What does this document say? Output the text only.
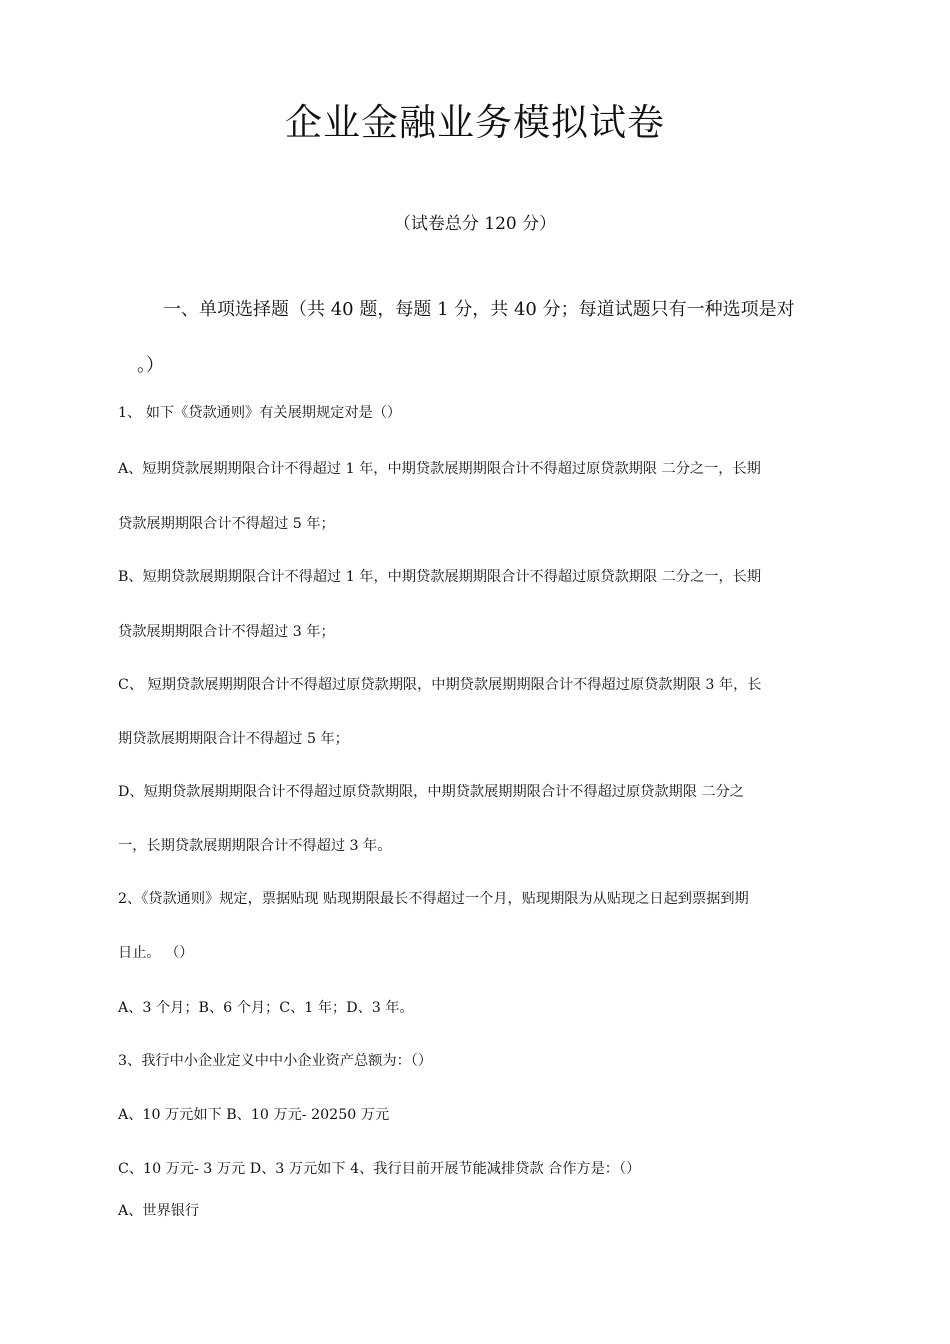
企业金融业务模拟试卷
（试卷总分 120 分）
一、单项选择题（共 40 题，每题 1 分，共 40 分；每道试题只有一种选项是对
。）
1、 如下《贷款通则》有关展期规定对是（）
A、短期贷款展期期限合计不得超过 1 年，中期贷款展期期限合计不得超过原贷款期限 二分之一，长期
贷款展期期限合计不得超过 5 年；
B、短期贷款展期期限合计不得超过 1 年，中期贷款展期期限合计不得超过原贷款期限 二分之一，长期
贷款展期期限合计不得超过 3 年；
C、 短期贷款展期期限合计不得超过原贷款期限，中期贷款展期期限合计不得超过原贷款期限 3 年，长
期贷款展期期限合计不得超过 5 年；
D、短期贷款展期期限合计不得超过原贷款期限，中期贷款展期期限合计不得超过原贷款期限 二分之
一，长期贷款展期期限合计不得超过 3 年。
2、《贷款通则》规定，票据贴现 贴现期限最长不得超过一个月，贴现期限为从贴现之日起到票据到期
日止。 （）
A、3 个月；B、6 个月；C、1 年；D、3 年。
3、我行中小企业定义中中小企业资产总额为：（）
A、10 万元如下 B、10 万元- 20250 万元
C、10 万元- 3 万元 D、3 万元如下 4、我行目前开展节能减排贷款 合作方是：（）
A、世界银行
